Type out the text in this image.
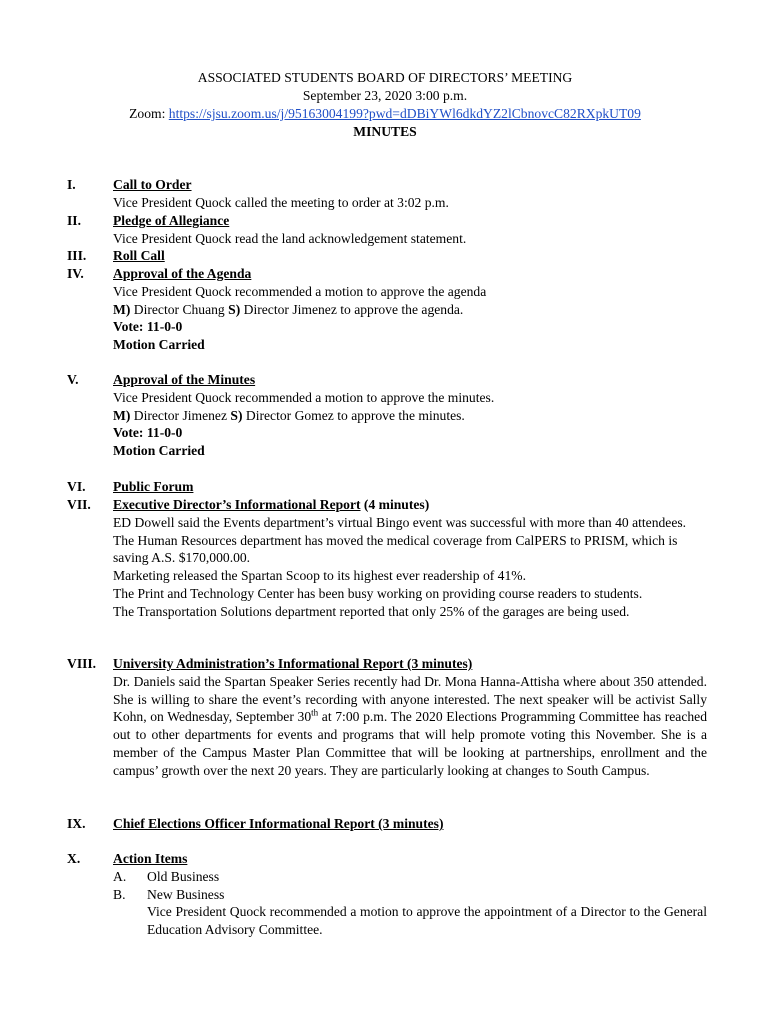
ASSOCIATED STUDENTS BOARD OF DIRECTORS’ MEETING
September 23, 2020 3:00 p.m.
Zoom: https://sjsu.zoom.us/j/95163004199?pwd=dDBiYWl6dkdYZ2lCbnovcC82RXpkUT09
MINUTES
I.	Call to Order
Vice President Quock called the meeting to order at 3:02 p.m.
II. Pledge of Allegiance
Vice President Quock read the land acknowledgement statement.
III. Roll Call
IV. Approval of the Agenda
Vice President Quock recommended a motion to approve the agenda
M) Director Chuang S) Director Jimenez to approve the agenda.
Vote: 11-0-0
Motion Carried
V.	Approval of the Minutes
Vice President Quock recommended a motion to approve the minutes.
M) Director Jimenez S) Director Gomez to approve the minutes.
Vote: 11-0-0
Motion Carried
VI. Public Forum
VII. Executive Director’s Informational Report (4 minutes)
ED Dowell said the Events department’s virtual Bingo event was successful with more than 40 attendees.
The Human Resources department has moved the medical coverage from CalPERS to PRISM, which is saving A.S. $170,000.00.
Marketing released the Spartan Scoop to its highest ever readership of 41%.
The Print and Technology Center has been busy working on providing course readers to students.
The Transportation Solutions department reported that only 25% of the garages are being used.
VIII. University Administration’s Informational Report (3 minutes)
Dr. Daniels said the Spartan Speaker Series recently had Dr. Mona Hanna-Attisha where about 350 attended. She is willing to share the event’s recording with anyone interested. The next speaker will be activist Sally Kohn, on Wednesday, September 30th at 7:00 p.m. The 2020 Elections Programming Committee has reached out to other departments for events and programs that will help promote voting this November. She is a member of the Campus Master Plan Committee that will be looking at partnerships, enrollment and the campus’ growth over the next 20 years. They are particularly looking at changes to South Campus.
IX. Chief Elections Officer Informational Report (3 minutes)
X. Action Items
A. Old Business
B. New Business
Vice President Quock recommended a motion to approve the appointment of a Director to the General Education Advisory Committee.
